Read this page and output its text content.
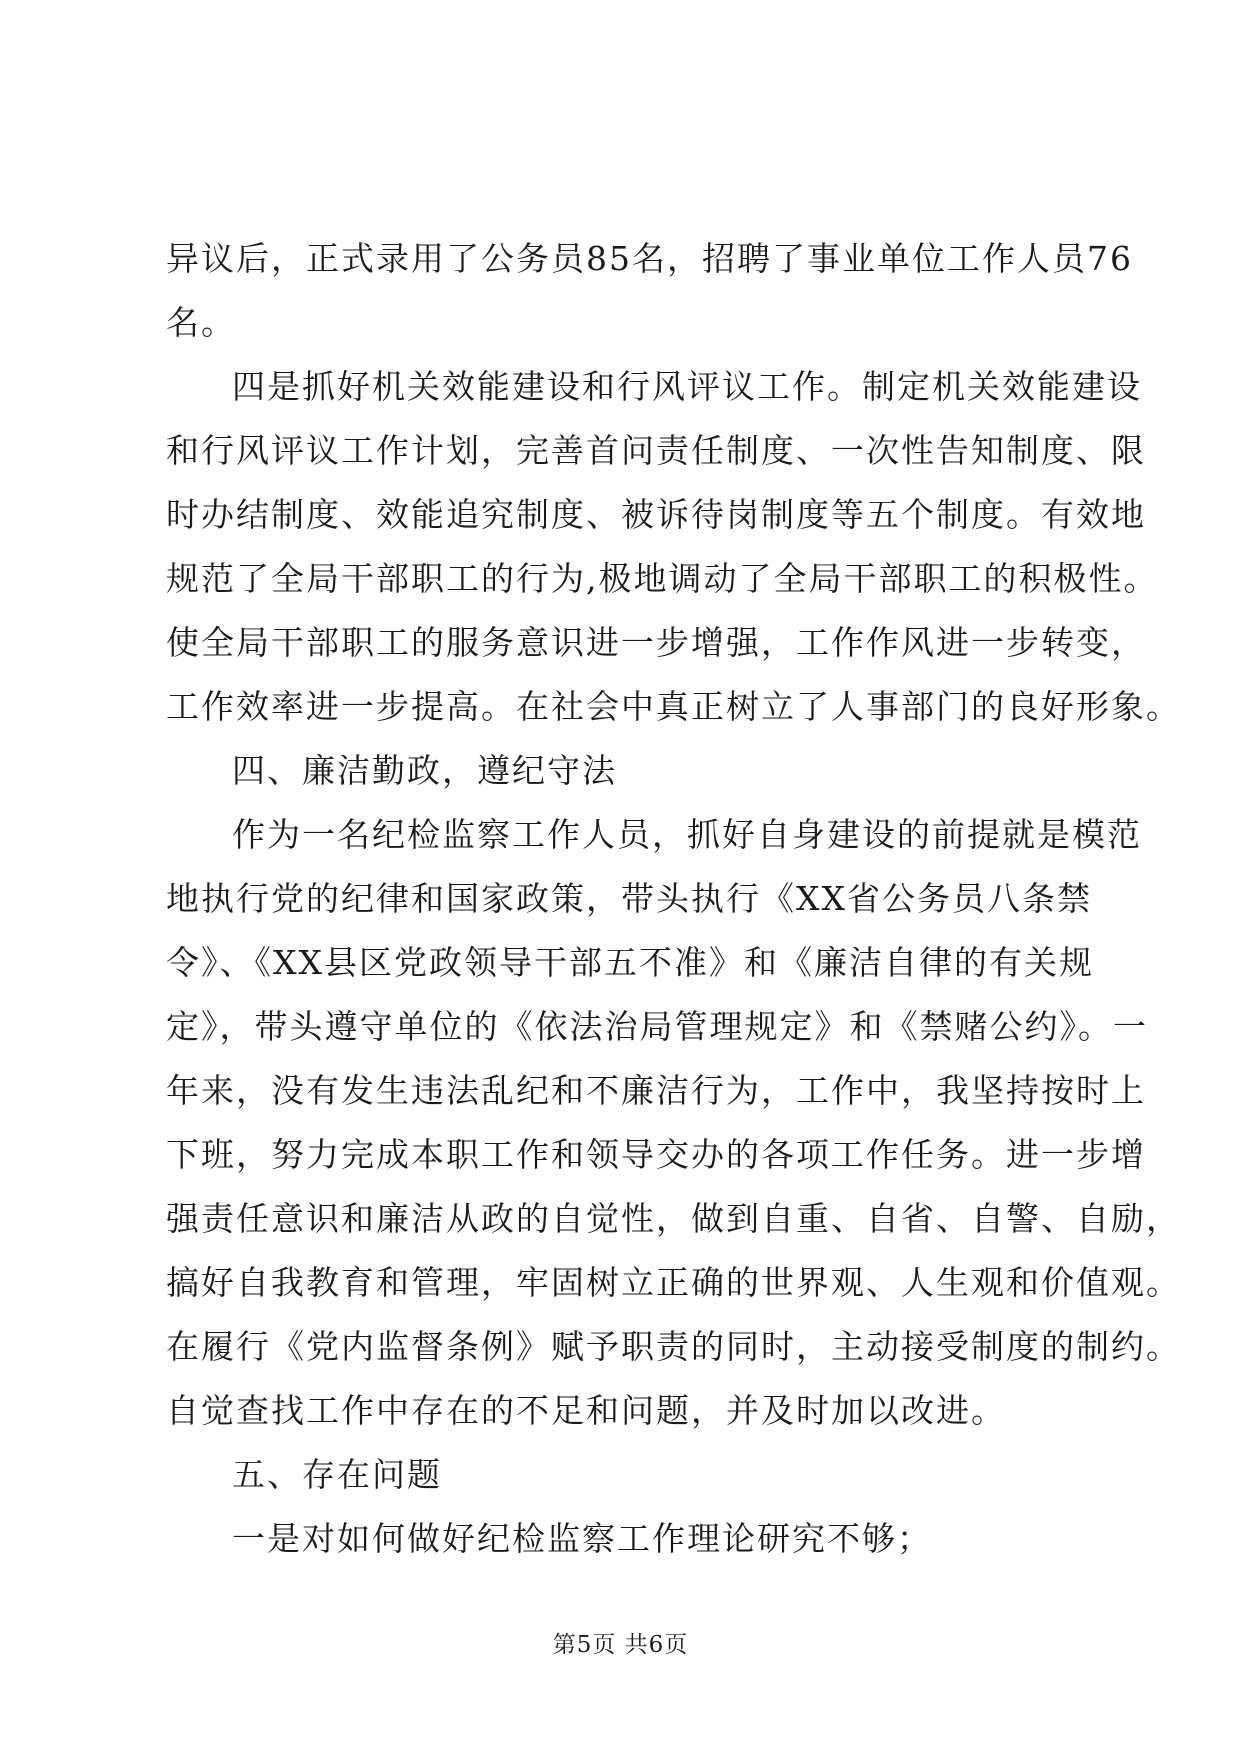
异议后，正式录用了公务员85名，招聘了事业单位工作人员76
名。
四是抓好机关效能建设和行风评议工作。制定机关效能建设
和行风评议工作计划，完善首问责任制度、一次性告知制度、限
时办结制度、效能追究制度、被诉待岗制度等五个制度。有效地
规范了全局干部职工的行为,极地调动了全局干部职工的积极性。
使全局干部职工的服务意识进一步增强，工作作风进一步转变，
工作效率进一步提高。在社会中真正树立了人事部门的良好形象。
四、廉洁勤政，遵纪守法
作为一名纪检监察工作人员，抓好自身建设的前提就是模范
地执行党的纪律和国家政策，带头执行《XX省公务员八条禁
令》、《XX县区党政领导干部五不准》和《廉洁自律的有关规
定》，带头遵守单位的《依法治局管理规定》和《禁赌公约》。一
年来，没有发生违法乱纪和不廉洁行为，工作中，我坚持按时上
下班，努力完成本职工作和领导交办的各项工作任务。进一步增
强责任意识和廉洁从政的自觉性，做到自重、自省、自警、自励，
搞好自我教育和管理，牢固树立正确的世界观、人生观和价值观。
在履行《党内监督条例》赋予职责的同时，主动接受制度的制约。
自觉查找工作中存在的不足和问题，并及时加以改进。
五、存在问题
一是对如何做好纪检监察工作理论研究不够；
第5页 共6页
